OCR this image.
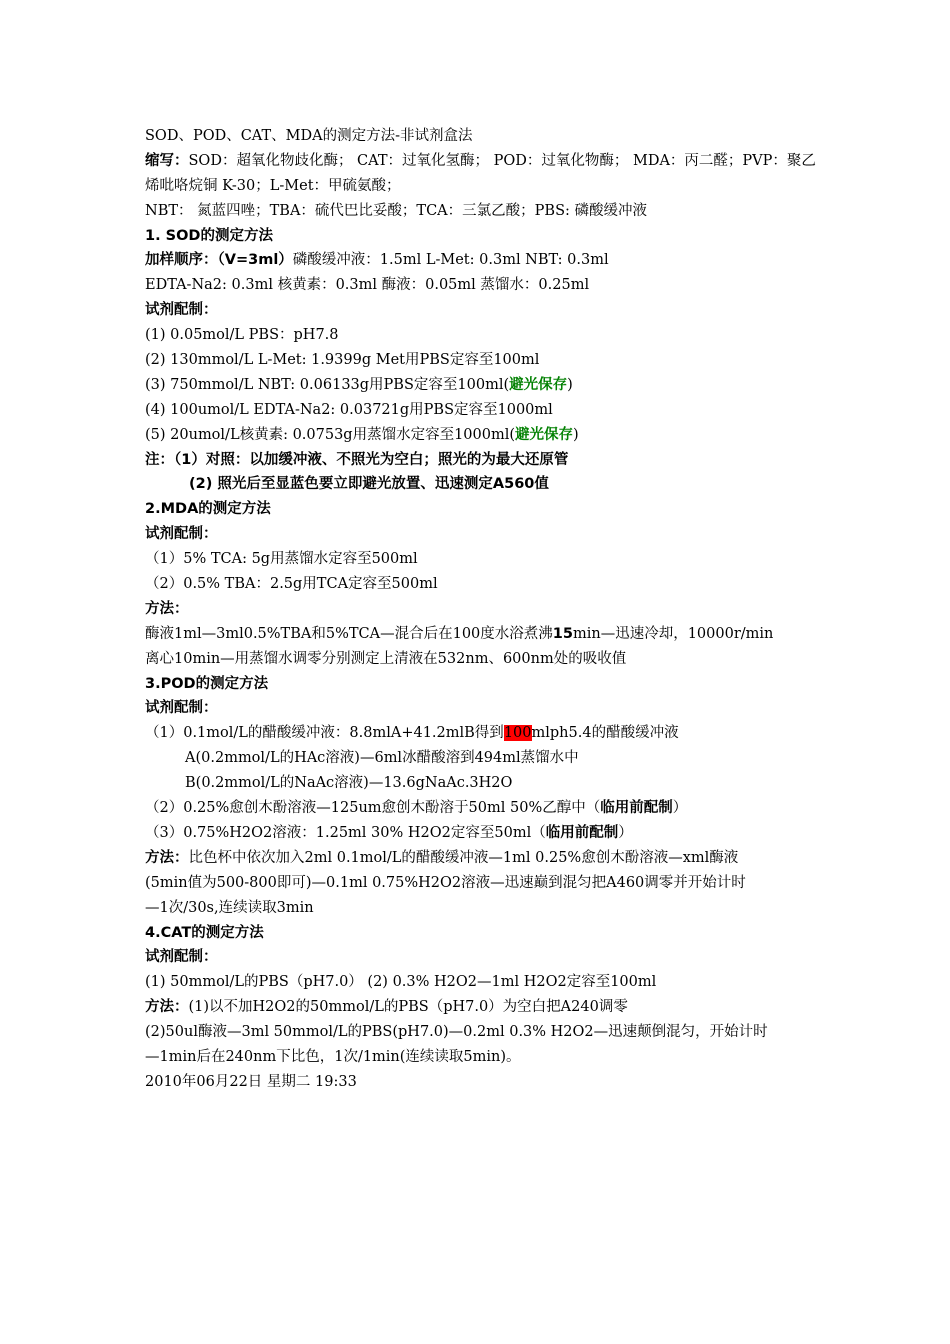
SOD、POD、CAT、MDA的测定方法-非试剂盒法
缩写：SOD：超氧化物歧化酶； CAT：过氧化氢酶； POD：过氧化物酶； MDA：丙二醛；PVP：聚乙
烯吡咯烷铜 K-30；L-Met：甲硫氨酸；
NBT： 氮蓝四唑；TBA：硫代巴比妥酸；TCA：三氯乙酸；PBS: 磷酸缓冲液
1. SOD的测定方法
加样顺序：（V=3ml）磷酸缓冲液：1.5ml L-Met: 0.3ml NBT: 0.3ml
EDTA-Na2: 0.3ml 核黄素：0.3ml 酶液：0.05ml 蒸馏水：0.25ml
试剂配制：
(1) 0.05mol/L PBS：pH7.8
(2) 130mmol/L L-Met: 1.9399g Met用PBS定容至100ml
(3) 750mmol/L NBT: 0.06133g用PBS定容至100ml(避光保存)
(4) 100umol/L EDTA-Na2: 0.03721g用PBS定容至1000ml
(5) 20umol/L核黄素: 0.0753g用蒸馏水定容至1000ml(避光保存)
注：（1）对照：以加缓冲液、不照光为空白；照光的为最大还原管
(2) 照光后至显蓝色要立即避光放置、迅速测定A560值
2.MDA的测定方法
试剂配制：
（1）5% TCA: 5g用蒸馏水定容至500ml
（2）0.5% TBA：2.5g用TCA定容至500ml
方法：
酶液1ml—3ml0.5%TBA和5%TCA—混合后在100度水浴煮沸15min—迅速冷却，10000r/min
离心10min—用蒸馏水调零分别测定上清液在532nm、600nm处的吸收值
3.POD的测定方法
试剂配制：
（1）0.1mol/L的醋酸缓冲液：8.8mlA+41.2mlB得到100mlph5.4的醋酸缓冲液
A(0.2mmol/L的HAc溶液)—6ml冰醋酸溶到494ml蒸馏水中
B(0.2mmol/L的NaAc溶液)—13.6gNaAc.3H2O
（2）0.25%愈创木酚溶液—125um愈创木酚溶于50ml 50%乙醇中（临用前配制）
（3）0.75%H2O2溶液：1.25ml 30% H2O2定容至50ml（临用前配制）
方法：比色杯中依次加入2ml 0.1mol/L的醋酸缓冲液—1ml 0.25%愈创木酚溶液—xml酶液
(5min值为500-800即可)—0.1ml 0.75%H2O2溶液—迅速巅到混匀把A460调零并开始计时
—1次/30s,连续读取3min
4.CAT的测定方法
试剂配制：
(1) 50mmol/L的PBS（pH7.0） (2) 0.3% H2O2—1ml H2O2定容至100ml
方法：(1)以不加H2O2的50mmol/L的PBS（pH7.0）为空白把A240调零
(2)50ul酶液—3ml 50mmol/L的PBS(pH7.0)—0.2ml 0.3% H2O2—迅速颠倒混匀，开始计时
—1min后在240nm下比色，1次/1min(连续读取5min)。
2010年06月22日 星期二 19:33
